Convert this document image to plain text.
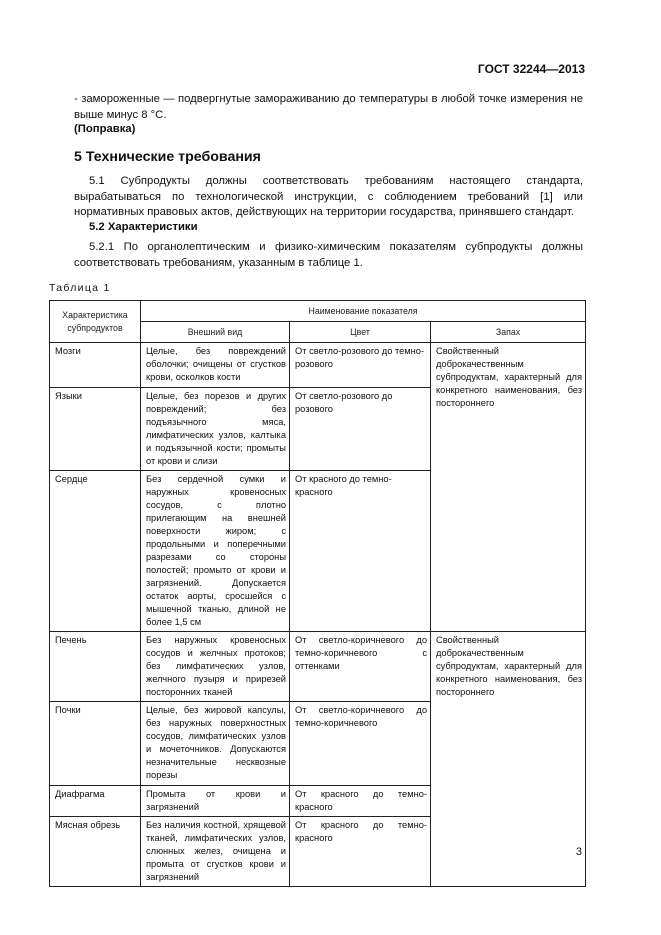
ГОСТ 32244—2013
- замороженные — подвергнутые замораживанию до температуры в любой точке измерения не выше минус 8 °С.
(Поправка)
5 Технические требования
5.1 Субпродукты должны соответствовать требованиям настоящего стандарта, вырабатываться по технологической инструкции, с соблюдением требований [1] или нормативных правовых актов, действующих на территории государства, принявшего стандарт.
5.2 Характеристики
5.2.1 По органолептическим и физико-химическим показателям субпродукты должны соответствовать требованиям, указанным в таблице 1.
Таблица 1
Характеристика субпродуктов	Наименование показателя		
	Внешний вид	Цвет	Запах
Мозги	Целые, без повреждений оболочки; очищены от сгустков крови, осколков кости	От светло-розового до темно-розового	Свойственный доброкачественным субпродуктам, характерный для конкретного наименования, без постороннего
Языки	Целые, без порезов и других повреждений; без подъязычного мяса, лимфатических узлов, калтыка и подъязычной кости; промыты от крови и слизи	От светло-розового до розового	
Сердце	Без сердечной сумки и наружных кровеносных сосудов, с плотно прилегающим на внешней поверхности жиром; с продольными и поперечными разрезами со стороны полостей; промыто от крови и загрязнений. Допускается остаток аорты, сросшейся с мышечной тканью, длиной не более 1,5 см	От красного до темно-красного	
Печень	Без наружных кровеносных сосудов и желчных протоков; без лимфатических узлов, желчного пузыря и прирезей посторонних тканей	От светло-коричневого до темно-коричневого с оттенками	Свойственный доброкачественным субпродуктам, характерный для конкретного наименования, без постороннего
Почки	Целые, без жировой капсулы, без наружных поверхностных сосудов, лимфатических узлов и мочеточников. Допускаются незначительные несквозные порезы	От светло-коричневого до темно-коричневого	
Диафрагма	Промыта от крови и загрязнений	От красного до темно-красного	
Мясная обрезь	Без наличия костной, хрящевой тканей, лимфатических узлов, слюнных желез, очищена и промыта от сгустков крови и загрязнений	От красного до темно-красного	
3
